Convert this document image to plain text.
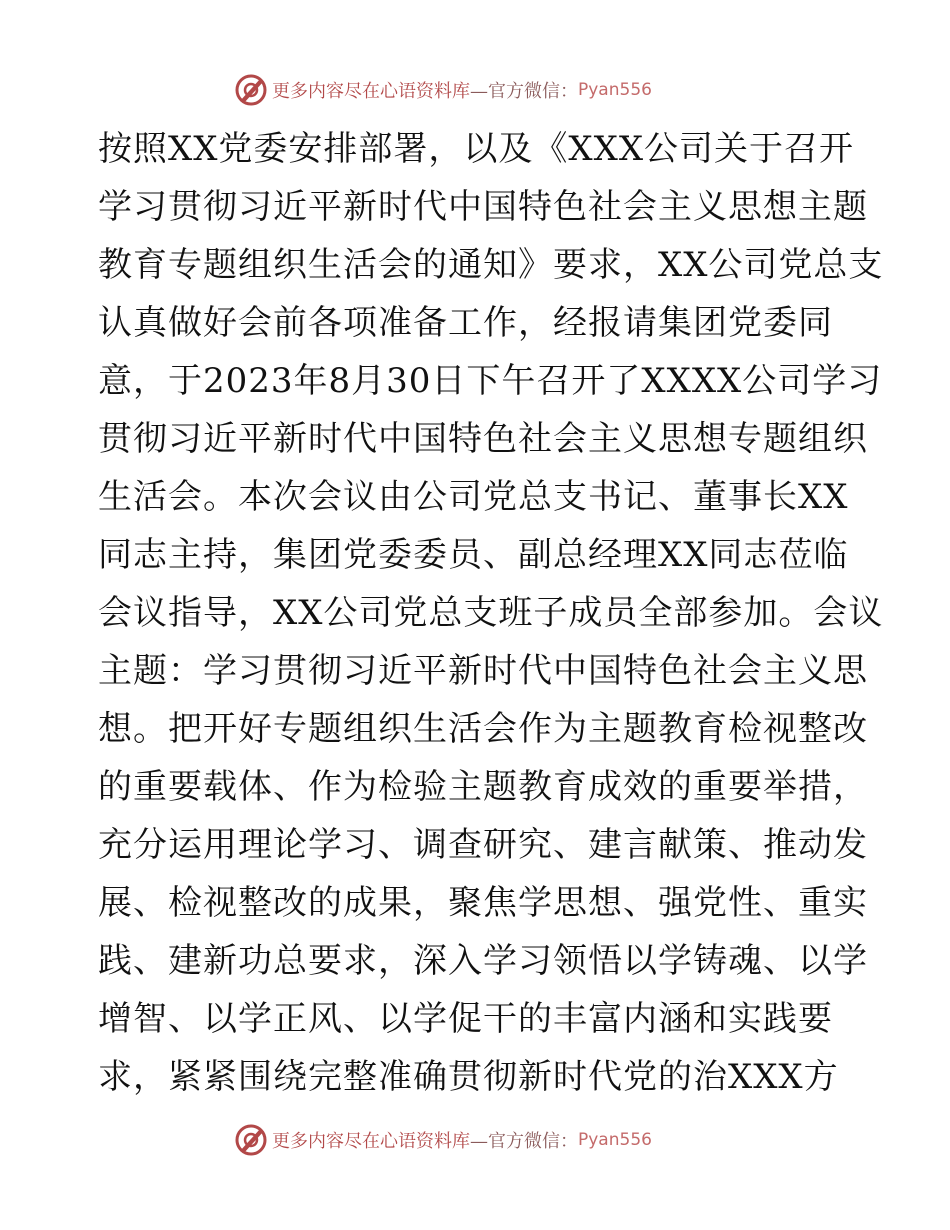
更多内容尽在心语资料库 —官方微信： Pyan556
按照XX党委安排部署，以及《XXX公司关于召开
学习贯彻习近平新时代中国特色社会主义思想主题
教育专题组织生活会的通知》要求，XX公司党总支
认真做好会前各项准备工作，经报请集团党委同
意，于2023年8月30日下午召开了XXXX公司学习
贯彻习近平新时代中国特色社会主义思想专题组织
生活会。本次会议由公司党总支书记、董事长XX
同志主持，集团党委委员、副总经理XX同志莅临
会议指导，XX公司党总支班子成员全部参加。会议
主题：学习贯彻习近平新时代中国特色社会主义思
想。把开好专题组织生活会作为主题教育检视整改
的重要载体、作为检验主题教育成效的重要举措，
充分运用理论学习、调查研究、建言献策、推动发
展、检视整改的成果，聚焦学思想、强党性、重实
践、建新功总要求，深入学习领悟以学铸魂、以学
增智、以学正风、以学促干的丰富内涵和实践要
求，紧紧围绕完整准确贯彻新时代党的治XXX方
更多内容尽在心语资料库 —官方微信： Pyan556
